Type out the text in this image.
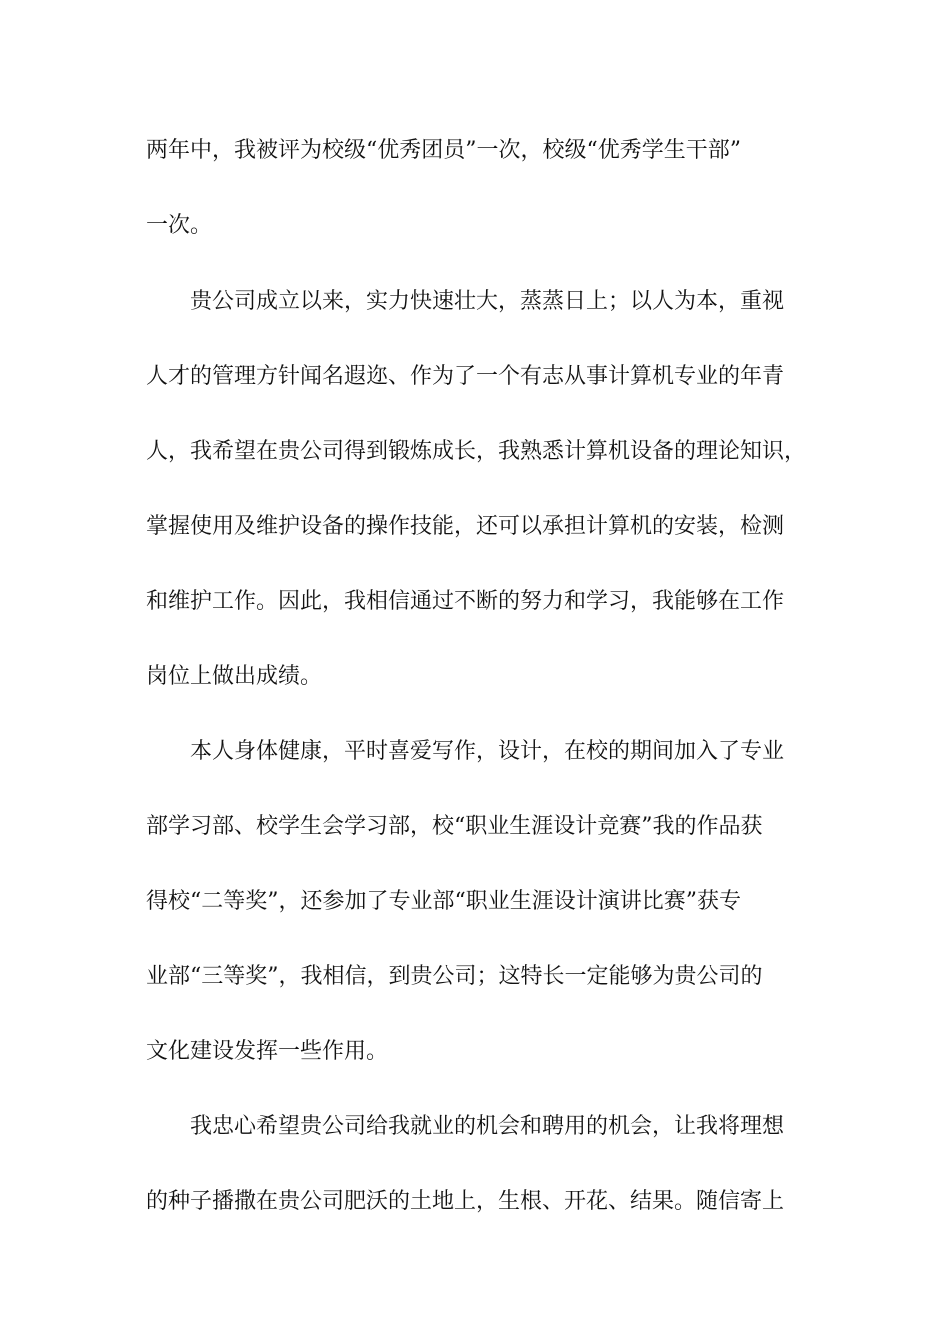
两年中，我被评为校级“优秀团员”一次，校级“优秀学生干部”
一次。
贵公司成立以来，实力快速壮大，蒸蒸日上；以人为本，重视
人才的管理方针闻名遐迩、作为了一个有志从事计算机专业的年青
人，我希望在贵公司得到锻炼成长，我熟悉计算机设备的理论知识，
掌握使用及维护设备的操作技能，还可以承担计算机的安装，检测
和维护工作。因此，我相信通过不断的努力和学习，我能够在工作
岗位上做出成绩。
本人身体健康，平时喜爱写作，设计，在校的期间加入了专业
部学习部、校学生会学习部，校“职业生涯设计竞赛”我的作品获
得校“二等奖”，还参加了专业部“职业生涯设计演讲比赛”获专
业部“三等奖”，我相信，到贵公司；这特长一定能够为贵公司的
文化建设发挥一些作用。
我忠心希望贵公司给我就业的机会和聘用的机会，让我将理想
的种子播撒在贵公司肥沃的土地上，生根、开花、结果。随信寄上
